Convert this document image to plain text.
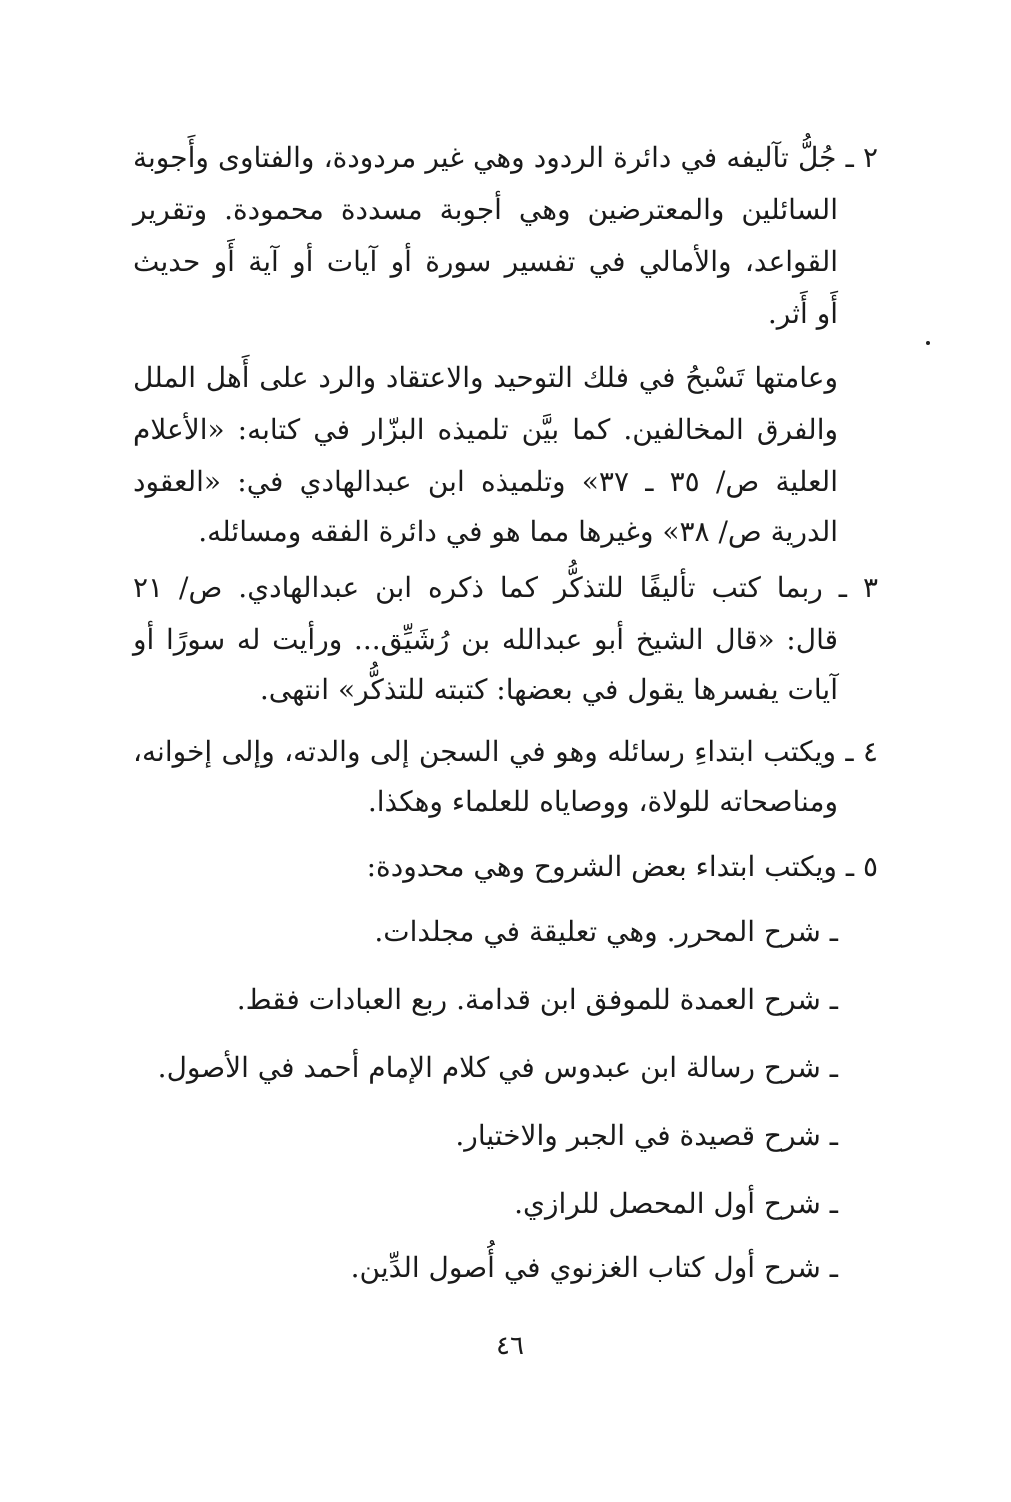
٢ ـ جُلُّ تآليفه في دائرة الردود وهي غير مردودة، والفتاوى وأَجوبة
السائلين والمعترضين وهي أجوبة مسددة محمودة. وتقرير
القواعد، والأمالي في تفسير سورة أو آيات أو آية أَو حديث
أَو أَثر.
وعامتها تَسْبحُ في فلك التوحيد والاعتقاد والرد على أَهل الملل
والفرق المخالفين. كما بيَّن تلميذه البزّار في كتابه: «الأعلام
العلية ص/ ٣٥ ـ ٣٧» وتلميذه ابن عبدالهادي في: «العقود
الدرية ص/ ٣٨» وغيرها مما هو في دائرة الفقه ومسائله.
٣ ـ ربما كتب تأليفًا للتذكُّر كما ذكره ابن عبدالهادي. ص/ ٢١
قال: «قال الشيخ أبو عبدالله بن رُشَيِّق... ورأيت له سورًا أو
آيات يفسرها يقول في بعضها: كتبته للتذكُّر» انتهى.
٤ ـ ويكتب ابتداءِ رسائله وهو في السجن إلى والدته، وإلى إخوانه،
ومناصحاته للولاة، ووصاياه للعلماء وهكذا.
٥ ـ ويكتب ابتداء بعض الشروح وهي محدودة:
ـ شرح المحرر. وهي تعليقة في مجلدات.
ـ شرح العمدة للموفق ابن قدامة. ربع العبادات فقط.
ـ شرح رسالة ابن عبدوس في كلام الإمام أحمد في الأصول.
ـ شرح قصيدة في الجبر والاختيار.
ـ شرح أول المحصل للرازي.
ـ شرح أول كتاب الغزنوي في أُصول الدِّين.
٤٦
